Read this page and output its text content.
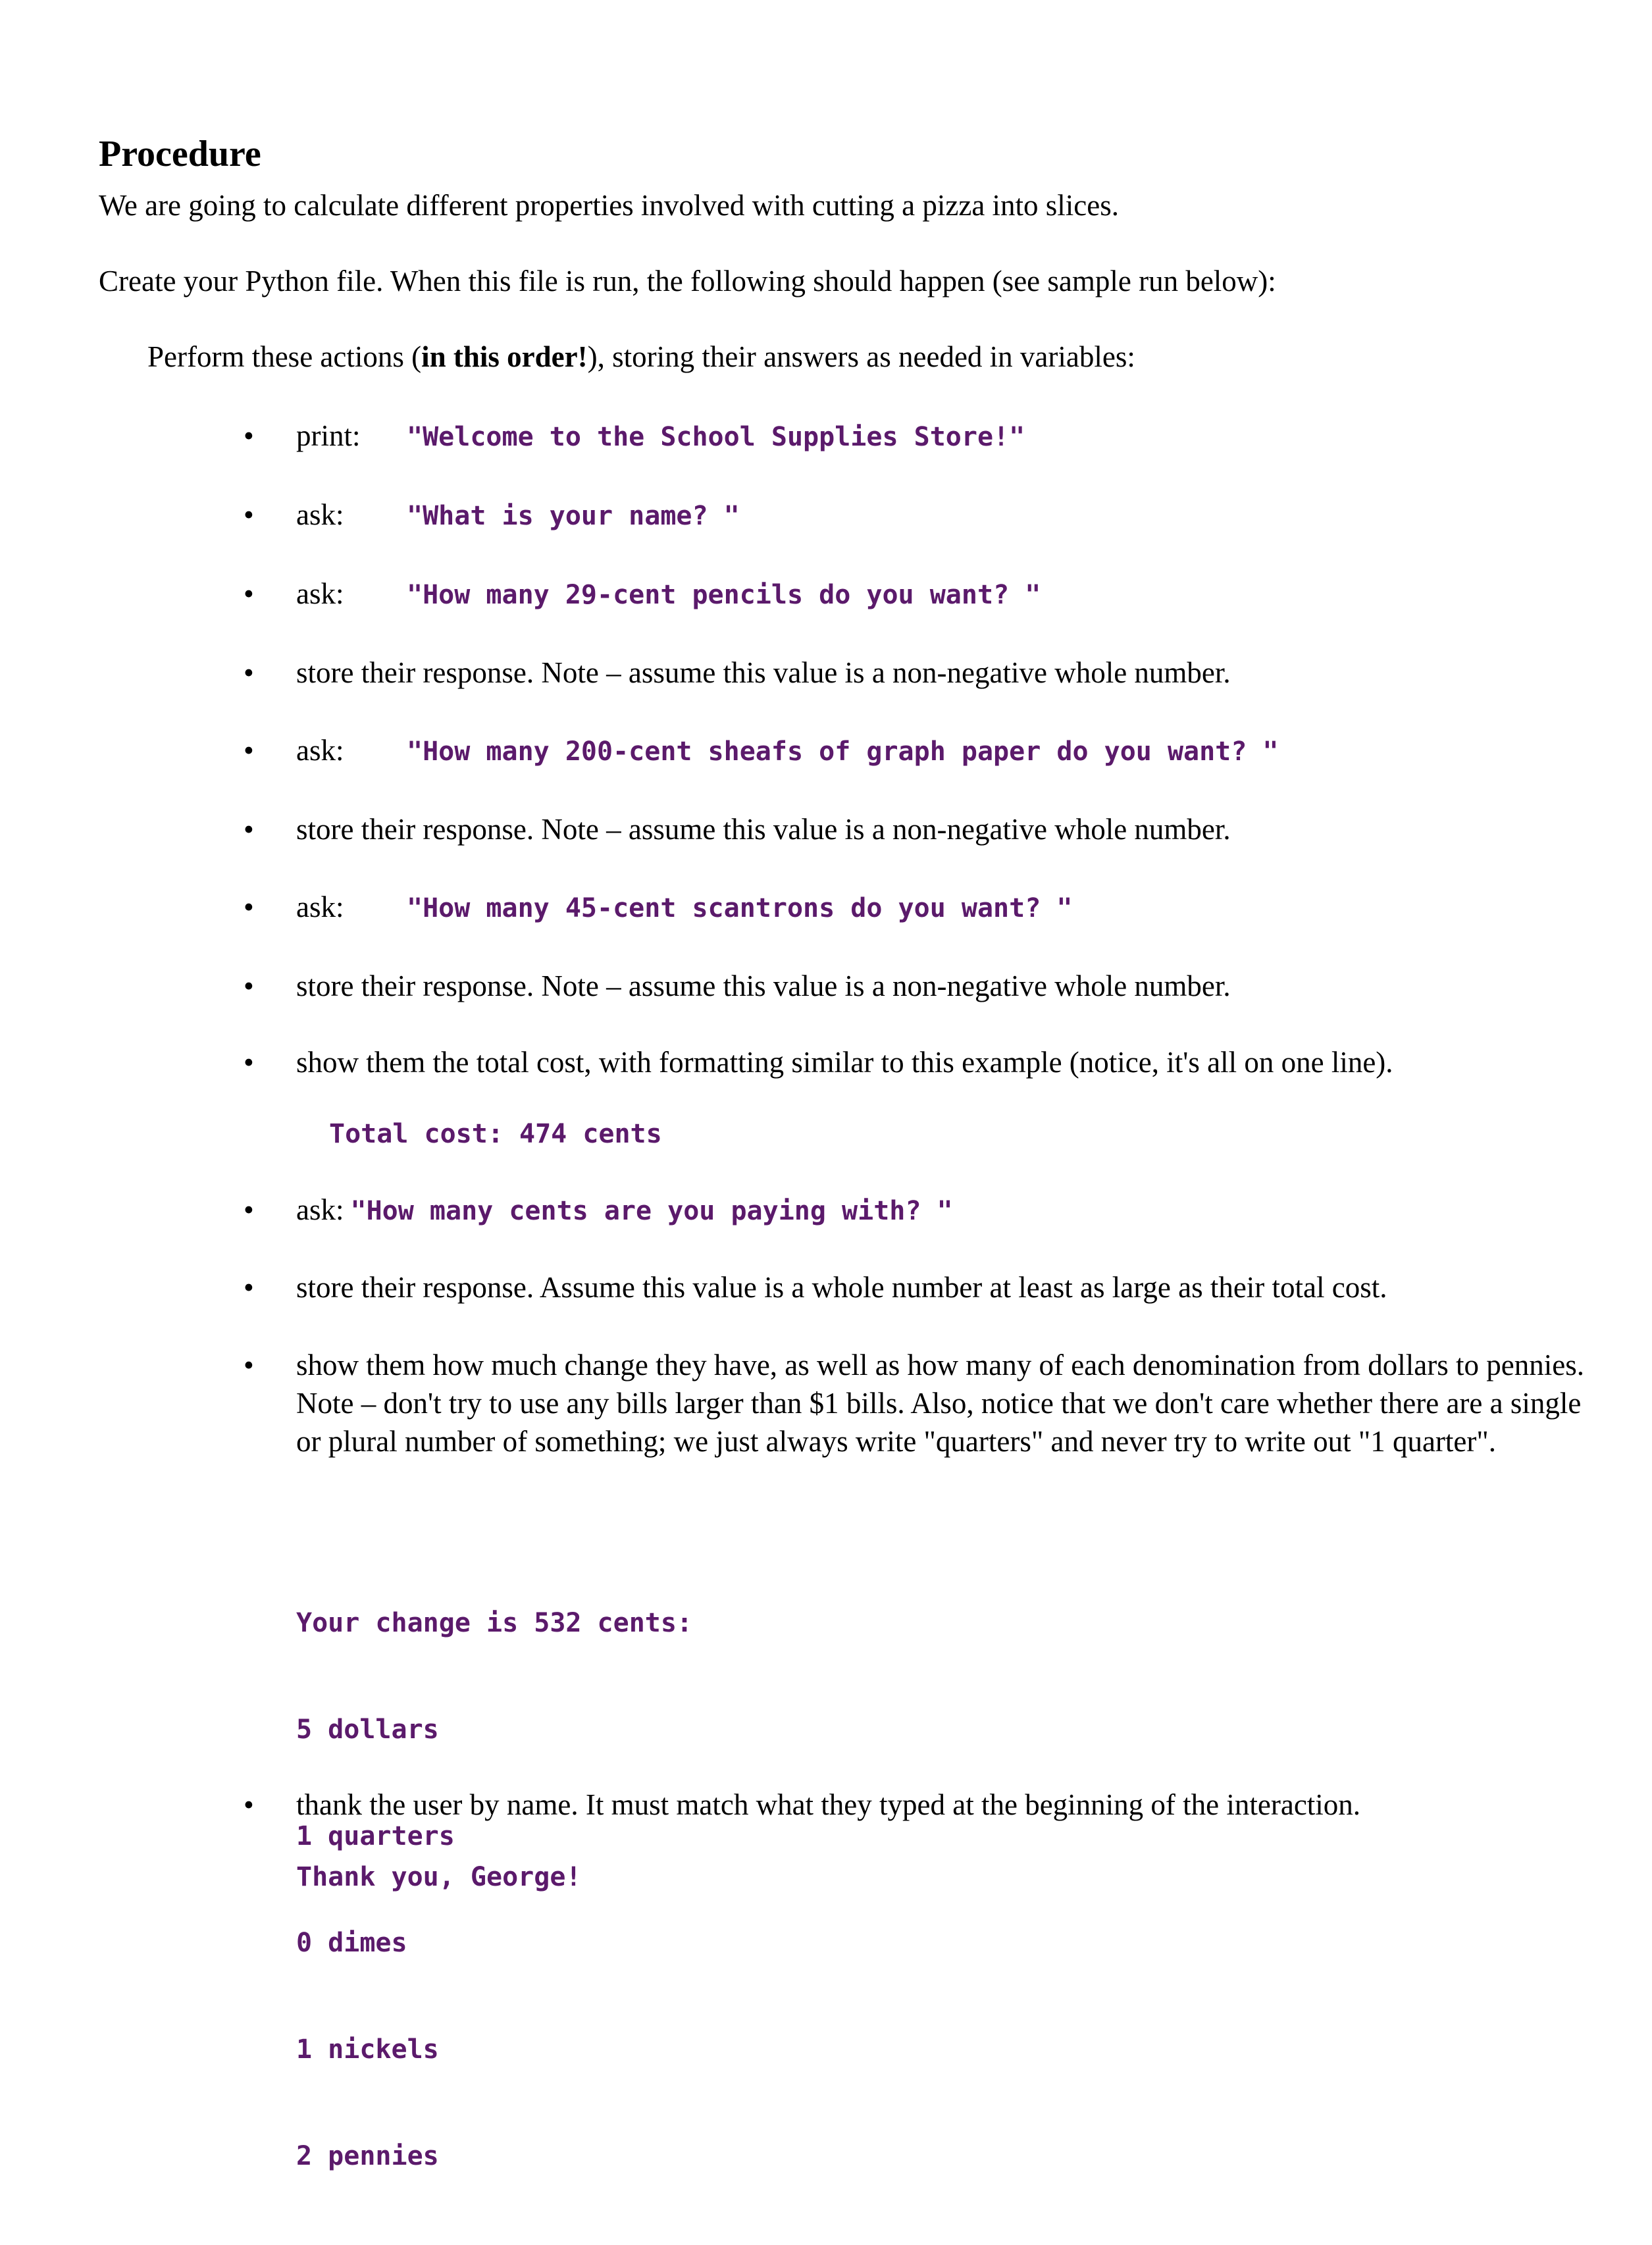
Procedure

We are going to calculate different properties involved with cutting a pizza into slices.

Create your Python file. When this file is run, the following should happen (see sample run below):

Perform these actions (in this order!), storing their answers as needed in variables:

•	print: "Welcome to the School Supplies Store!"
•	ask: "What is your name? "
•	ask: "How many 29-cent pencils do you want? "
•	store their response. Note – assume this value is a non-negative whole number.
•	ask: "How many 200-cent sheafs of graph paper do you want? "
•	store their response. Note – assume this value is a non-negative whole number.
•	ask: "How many 45-cent scantrons do you want? "
•	store their response. Note – assume this value is a non-negative whole number.
•	show them the total cost, with formatting similar to this example (notice, it's all on one line).
Total cost: 474 cents
•	ask: "How many cents are you paying with? "
•	store their response. Assume this value is a whole number at least as large as their total cost.
•	show them how much change they have, as well as how many of each denomination from dollars to pennies. Note – don't try to use any bills larger than $1 bills. Also, notice that we don't care whether there are a single or plural number of something; we just always write "quarters" and never try to write out "1 quarter".

Your change is 532 cents:

5 dollars

1 quarters

0 dimes

1 nickels

2 pennies

•	thank the user by name. It must match what they typed at the beginning of the interaction.
Thank you, George!
